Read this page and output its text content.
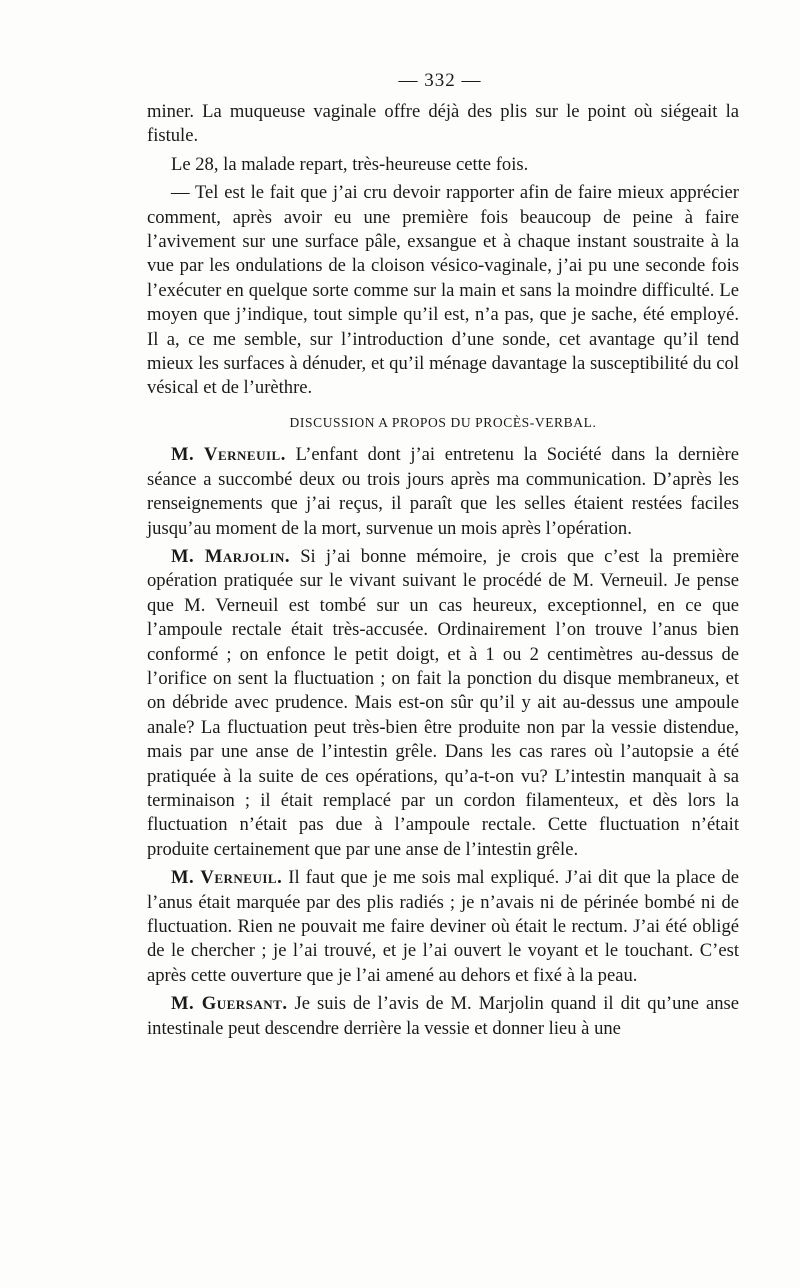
— 332 —

miner. La muqueuse vaginale offre déjà des plis sur le point où siégeait la fistule.

Le 28, la malade repart, très-heureuse cette fois.

— Tel est le fait que j’ai cru devoir rapporter afin de faire mieux apprécier comment, après avoir eu une première fois beaucoup de peine à faire l’avivement sur une surface pâle, exsangue et à chaque instant soustraite à la vue par les ondulations de la cloison vésico-vaginale, j’ai pu une seconde fois l’exécuter en quelque sorte comme sur la main et sans la moindre difficulté. Le moyen que j’indique, tout simple qu’il est, n’a pas, que je sache, été employé. Il a, ce me semble, sur l’introduction d’une sonde, cet avantage qu’il tend mieux les surfaces à dénuder, et qu’il ménage davantage la susceptibilité du col vésical et de l’urèthre.

DISCUSSION A PROPOS DU PROCÈS-VERBAL.

M. Verneuil. L’enfant dont j’ai entretenu la Société dans la dernière séance a succombé deux ou trois jours après ma communication. D’après les renseignements que j’ai reçus, il paraît que les selles étaient restées faciles jusqu’au moment de la mort, survenue un mois après l’opération.

M. Marjolin. Si j’ai bonne mémoire, je crois que c’est la première opération pratiquée sur le vivant suivant le procédé de M. Verneuil. Je pense que M. Verneuil est tombé sur un cas heureux, exceptionnel, en ce que l’ampoule rectale était très-accusée. Ordinairement l’on trouve l’anus bien conformé ; on enfonce le petit doigt, et à 1 ou 2 centimètres au-dessus de l’orifice on sent la fluctuation ; on fait la ponction du disque membraneux, et on débride avec prudence. Mais est-on sûr qu’il y ait au-dessus une ampoule anale? La fluctuation peut très-bien être produite non par la vessie distendue, mais par une anse de l’intestin grêle. Dans les cas rares où l’autopsie a été pratiquée à la suite de ces opérations, qu’a-t-on vu? L’intestin manquait à sa terminaison ; il était remplacé par un cordon filamenteux, et dès lors la fluctuation n’était pas due à l’ampoule rectale. Cette fluctuation n’était produite certainement que par une anse de l’intestin grêle.

M. Verneuil. Il faut que je me sois mal expliqué. J’ai dit que la place de l’anus était marquée par des plis radiés ; je n’avais ni de périnée bombé ni de fluctuation. Rien ne pouvait me faire deviner où était le rectum. J’ai été obligé de le chercher ; je l’ai trouvé, et je l’ai ouvert le voyant et le touchant. C’est après cette ouverture que je l’ai amené au dehors et fixé à la peau.

M. Guersant. Je suis de l’avis de M. Marjolin quand il dit qu’une anse intestinale peut descendre derrière la vessie et donner lieu à une
